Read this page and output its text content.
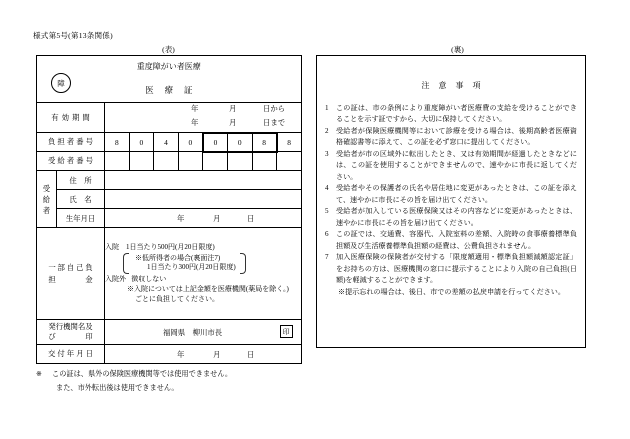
様式第5号(第13条関係)
(表)
障
重度障がい者医療
医療証									

有効期間	
年	月	日から
年	月	日まで

負担者番号		8	0	4	0	0	0	8	8
受給者番号									

受
給
者	住　所								
	氏　名								
	生年月日	年 月 日							

一 部 自 己 負
担　　　　金

入院 1日当たり500円(月20日限度)
※低所得者の場合(裏面注7)
1日当たり300円(月20日限度)
入院外 徴収しない
※入院については上記金額を医療機関(薬局を除く。)
ごとに負担してください。

発行機関名及
び　　　　印	福岡県　柳川市長	印

交付年月日		年 月 日							
※ この証は、県外の保険医療機関等では使用できません。
また、市外転出後は使用できません。
(裏)
注意事項
1	この証は、市の条例により重度障がい者医療費の支給を受けることができることを示す証ですから、大切に保持してください。
2	受給者が保険医療機関等において診療を受ける場合は、後期高齢者医療資格確認書等に添えて、この証を必ず窓口に提出してください。
3	受給者が市の区域外に転出したとき、又は有効期間が経過したときなどには、この証を使用することができませんので、速やかに市長に返してください。
4	受給者やその保護者の氏名や居住地に変更があったときは、この証を添えて、速やかに市長にその旨を届け出てください。
5	受給者が加入している医療保険又はその内容などに変更があったときは、速やかに市長にその旨を届け出てください。
6	この証では、交通費、容器代、入院室料の差額、入院時の食事療養標準負担額及び生活療養標準負担額の経費は、公費負担されません。
7	加入医療保険の保険者が交付する「限度額適用・標準負担額減額認定証」をお持ちの方は、医療機関の窓口に提示することにより入院の自己負担(日額)を軽減することができます。
※提示忘れの場合は、後日、市での差額の払戻申請を行ってください。
